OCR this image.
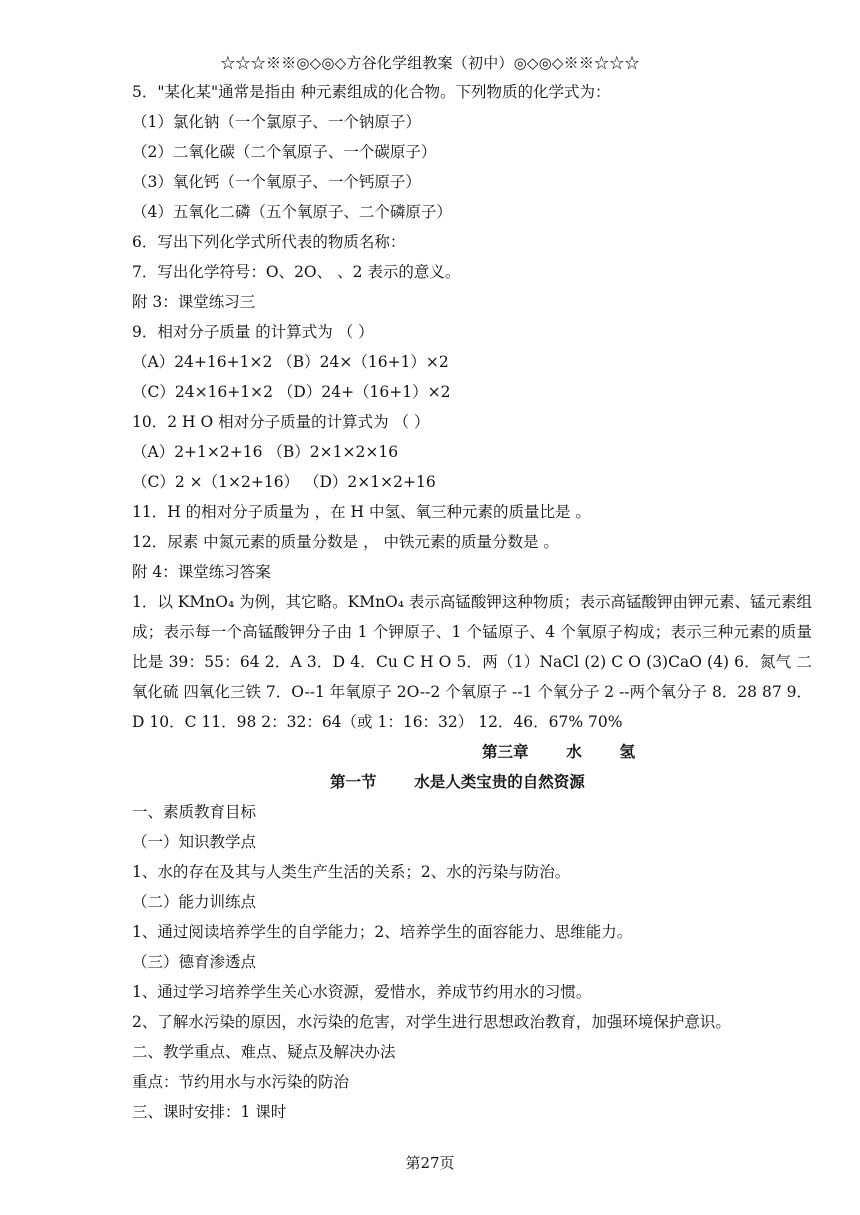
☆☆☆※※◎◇◎◇方谷化学组教案（初中）◎◇◎◇※※☆☆☆
5．"某化某"通常是指由 种元素组成的化合物。下列物质的化学式为：
（1）氯化钠（一个氯原子、一个钠原子）
（2）二氧化碳（二个氧原子、一个碳原子）
（3）氧化钙（一个氧原子、一个钙原子）
（4）五氧化二磷（五个氧原子、二个磷原子）
6．写出下列化学式所代表的物质名称：
7．写出化学符号：O、2O、 、2 表示的意义。
附 3：课堂练习三
9．相对分子质量 的计算式为 （ ）
（A）24+16+1×2 （B）24×（16+1）×2
（C）24×16+1×2 （D）24+（16+1）×2
10．2 H O 相对分子质量的计算式为 （ ）
（A）2+1×2+16 （B）2×1×2×16
（C）2 ×（1×2+16） （D）2×1×2+16
11．H 的相对分子质量为 ，在 H 中氢、氧三种元素的质量比是 。
12．尿素 中氮元素的质量分数是 ， 中铁元素的质量分数是 。
附 4：课堂练习答案
1．以 KMnO₄ 为例，其它略。KMnO₄ 表示高锰酸钾这种物质；表示高锰酸钾由钾元素、锰元素组成；表示每一个高锰酸钾分子由 1 个钾原子、1 个锰原子、4 个氧原子构成；表示三种元素的质量比是 39：55：64 2．A 3．D 4．Cu C H O 5．两（1）NaCl (2) C O (3)CaO (4) 6．氮气 二氧化硫 四氧化三铁 7．O--1 年氧原子 2O--2 个氧原子 --1 个氧分子 2 --两个氧分子 8．28 87 9．D 10．C 11．98 2：32：64（或 1：16：32） 12．46．67% 70%
第三章       水       氢
第一节       水是人类宝贵的自然资源
一、素质教育目标
（一）知识教学点
1、水的存在及其与人类生产生活的关系；2、水的污染与防治。
（二）能力训练点
1、通过阅读培养学生的自学能力；2、培养学生的面容能力、思维能力。
（三）德育渗透点
1、通过学习培养学生关心水资源，爱惜水，养成节约用水的习惯。
2、了解水污染的原因，水污染的危害，对学生进行思想政治教育，加强环境保护意识。
二、教学重点、难点、疑点及解决办法
重点：节约用水与水污染的防治
三、课时安排：1 课时
第27页
